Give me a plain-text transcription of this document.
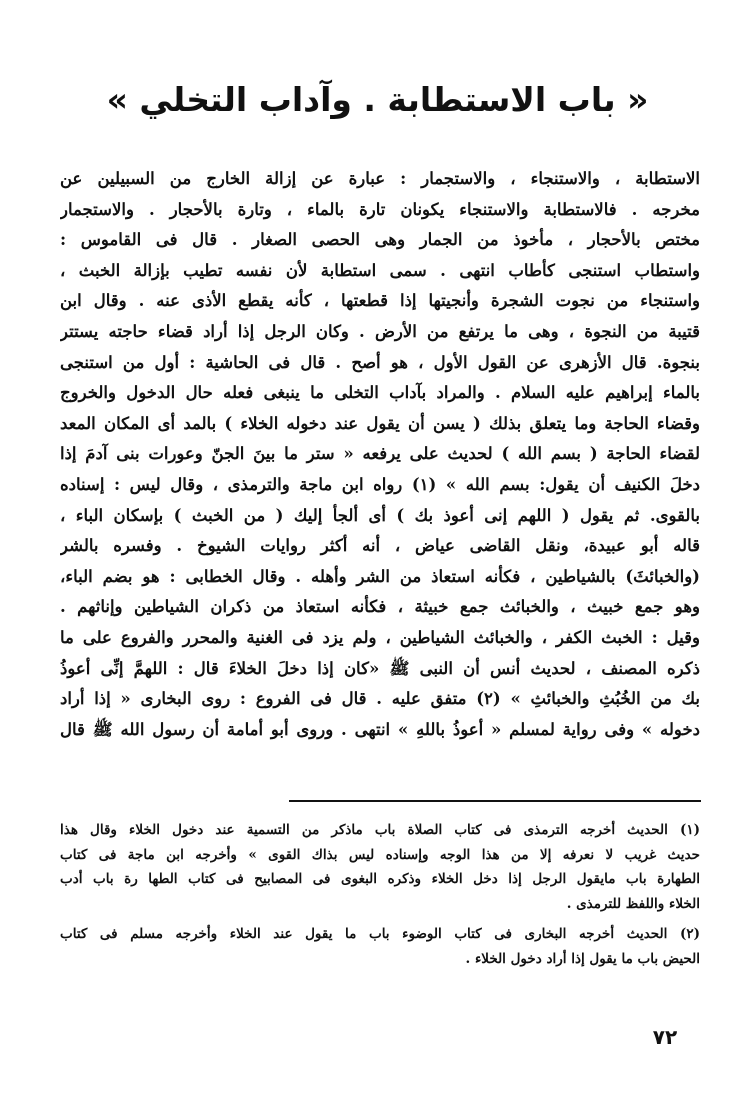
« باب الاستطابة . وآداب التخلي »
الاستطابة ، والاستنجاء ، والاستجمار : عبارة عن إزالة الخارج من السبيلين عن
مخرجه . فالاستطابة والاستنجاء يكونان تارة بالماء ، وتارة بالأحجار . والاستجمار
مختص بالأحجار ، مأخوذ من الجمار وهى الحصى الصغار . قال فى القاموس :
واستطاب استنجى كأطاب انتهى . سمى استطابة لأن نفسه تطيب بإزالة الخبث ،
واستنجاء من نجوت الشجرة وأنجيتها إذا قطعتها ، كأنه يقطع الأذى عنه . وقال ابن
قتيبة من النجوة ، وهى ما يرتفع من الأرض . وكان الرجل إذا أراد قضاء حاجته يستتر
بنجوة. قال الأزهرى عن القول الأول ، هو أصح . قال فى الحاشية : أول من استنجى
بالماء إبراهيم عليه السلام . والمراد بآداب التخلى ما ينبغى فعله حال الدخول والخروج
وقضاء الحاجة وما يتعلق بذلك ( يسن أن يقول عند دخوله الخلاء ) بالمد أى المكان المعد
لقضاء الحاجة ( بسم الله ) لحديث على يرفعه « ستر ما بينَ الجنّ وعورات بنى آدمَ إذا
دخلَ الكنيف أن يقول: بسم الله » (١) رواه ابن ماجة والترمذى ، وقال ليس : إسناده
بالقوى. ثم يقول ( اللهم إنى أعوذ بك ) أى ألجأ إليك ( من الخبث ) بإسكان الباء ،
قاله أبو عبيدة، ونقل القاضى عياض ، أنه أكثر روايات الشيوخ . وفسره بالشر
(والخبائثَ) بالشياطين ، فكأنه استعاذ من الشر وأهله . وقال الخطابى : هو بضم الباء،
وهو جمع خبيث ، والخبائث جمع خبيثة ، فكأنه استعاذ من ذكران الشياطين وإناثهم .
وقيل : الخبث الكفر ، والخبائث الشياطين ، ولم يزد فى الغنية والمحرر والفروع على ما
ذكره المصنف ، لحديث أنس أن النبى ﷺ «كان إذا دخلَ الخلاءَ قال : اللهمَّ إنِّى أعوذُ
بك من الخُبُثِ والخبائثِ » (٢) متفق عليه . قال فى الفروع : روى البخارى « إذا أراد
دخوله » وفى رواية لمسلم « أعوذُ باللهِ » انتهى . وروى أبو أمامة أن رسول الله ﷺ قال
(١) الحديث أخرجه الترمذى فى كتاب الصلاة باب ماذكر من التسمية عند دخول الخلاء وقال هذا
حديث غريب لا نعرفه إلا من هذا الوجه وإسناده ليس بذاك القوى » وأخرجه ابن ماجة فى كتاب
الطهارة باب مايقول الرجل إذا دخل الخلاء وذكره البغوى فى المصابيح فى كتاب الطها رة باب أدب
الخلاء واللفظ للترمذى .
(٢) الحديث أخرجه البخارى فى كتاب الوضوء باب ما يقول عند الخلاء وأخرجه مسلم فى كتاب
الحيض باب ما يقول إذا أراد دخول الخلاء .
٧٢
